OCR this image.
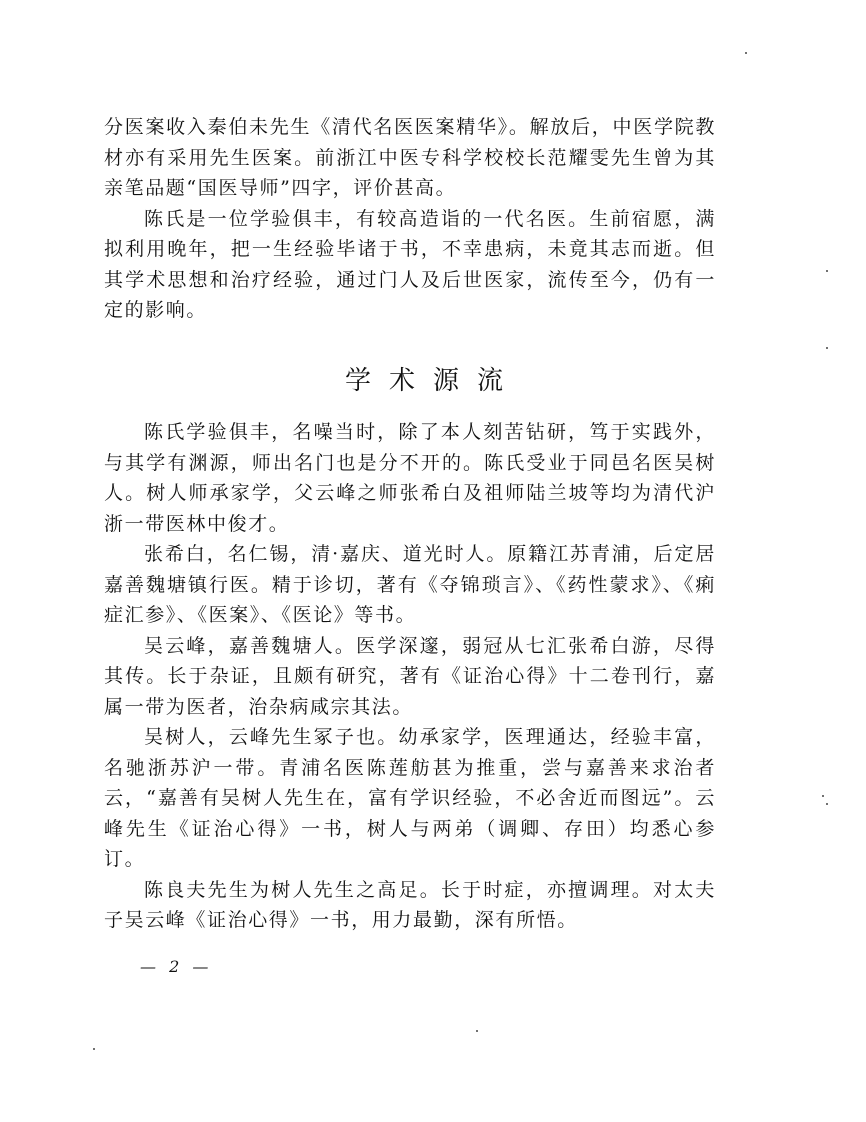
分医案收入秦伯未先生《清代名医医案精华》。解放后，中医学院教材亦有采用先生医案。前浙江中医专科学校校长范耀雯先生曾为其亲笔品题“国医导师”四字，评价甚高。

陈氏是一位学验俱丰，有较高造诣的一代名医。生前宿愿，满拟利用晚年，把一生经验毕诸于书，不幸患病，未竟其志而逝。但其学术思想和治疗经验，通过门人及后世医家，流传至今，仍有一定的影响。

学术源流

陈氏学验俱丰，名噪当时，除了本人刻苦钻研，笃于实践外，与其学有渊源，师出名门也是分不开的。陈氏受业于同邑名医吴树人。树人师承家学，父云峰之师张希白及祖师陆兰坡等均为清代沪浙一带医林中俊才。

张希白，名仁锡，清·嘉庆、道光时人。原籍江苏青浦，后定居嘉善魏塘镇行医。精于诊切，著有《夺锦琐言》、《药性蒙求》、《痢症汇参》、《医案》、《医论》等书。

吴云峰，嘉善魏塘人。医学深邃，弱冠从七汇张希白游，尽得其传。长于杂证，且颇有研究，著有《证治心得》十二卷刊行，嘉属一带为医者，治杂病咸宗其法。

吴树人，云峰先生冢子也。幼承家学，医理通达，经验丰富，名驰浙苏沪一带。青浦名医陈莲舫甚为推重，尝与嘉善来求治者云，“嘉善有吴树人先生在，富有学识经验，不必舍近而图远”。云峰先生《证治心得》一书，树人与两弟（调卿、存田）均悉心参订。

陈良夫先生为树人先生之高足。长于时症，亦擅调理。对太夫子吴云峰《证治心得》一书，用力最勤，深有所悟。

— 2 —
